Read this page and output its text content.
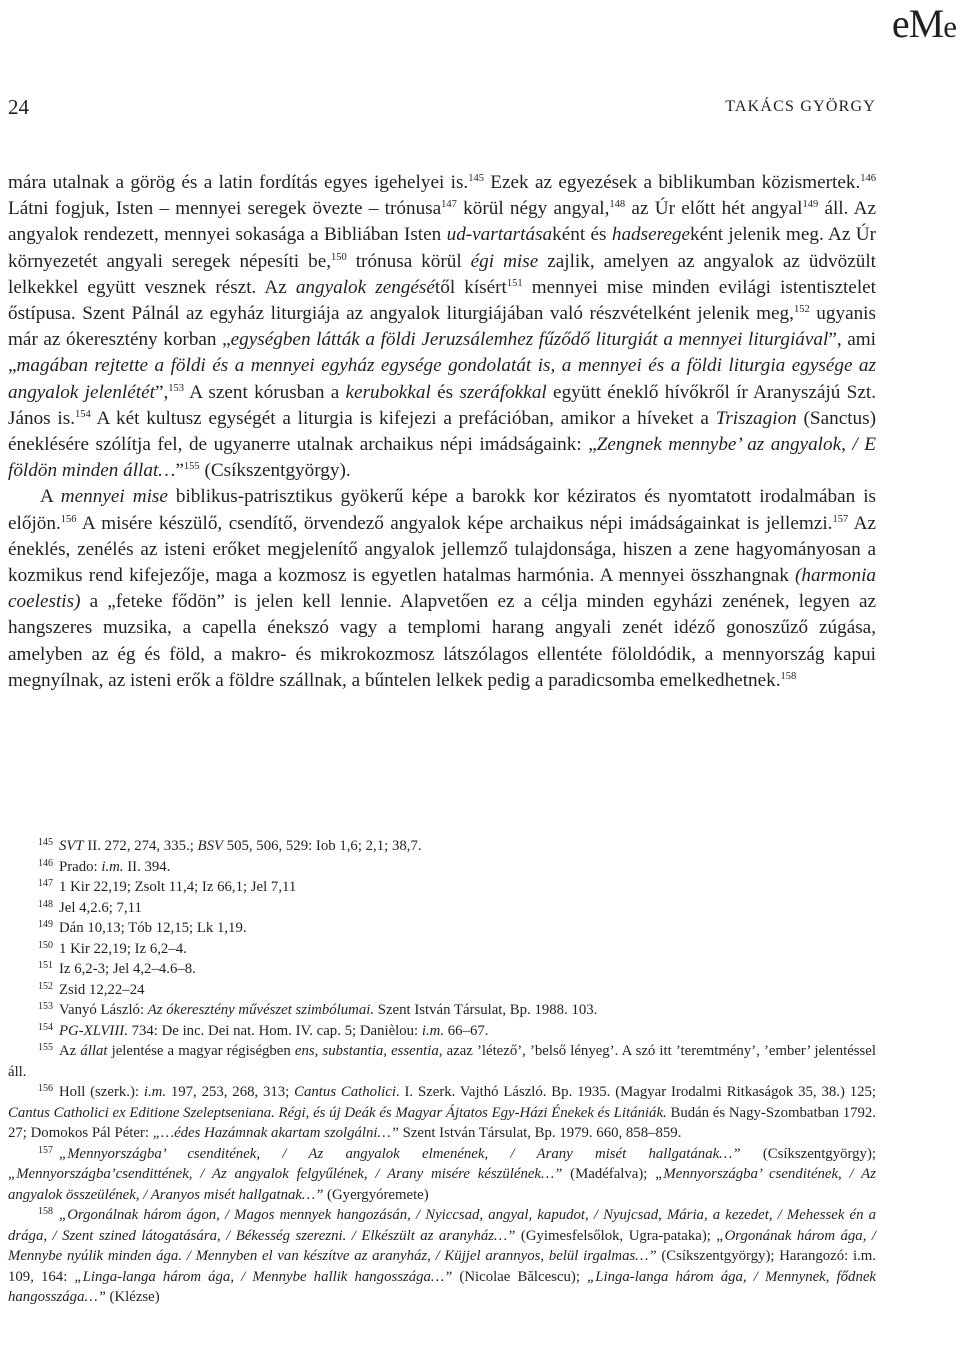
eMe
24	TAKÁCS GYÖRGY

mára utalnak a görög és a latin fordítás egyes igehelyei is.$^{145}$ Ezek az egyezések a biblikumban közismertek.$^{146}$ Látni fogjuk, Isten – mennyei seregek övezte – trónusa$^{147}$ körül négy angyal,$^{148}$ az Úr előtt hét angyal$^{149}$ áll. Az angyalok rendezett, mennyei sokasága a Bibliában Isten ud-vartartásaként és hadseregeként jelenik meg. Az Úr környezetét angyali seregek népesíti be,$^{150}$ trónusa körül égi mise zajlik, amelyen az angyalok az üdvözült lelkekkel együtt vesznek részt. Az angyalok zengésétől kísért$^{151}$ mennyei mise minden evilági istentisztelet őstípusa. Szent Pálnál az egyház liturgiája az angyalok liturgiájában való részvételként jelenik meg,$^{152}$ ugyanis már az ókeresztény korban „egységben látták a földi Jeruzsálemhez fűződő liturgiát a mennyei liturgiával”, ami „magában rejtette a földi és a mennyei egyház egysége gondolatát is, a mennyei és a földi liturgia egysége az angyalok jelenlétét”,$^{153}$ A szent kórusban a kerubokkal és szeráfokkal együtt éneklő hívőkről ír Aranyszájú Szt. János is.$^{154}$ A két kultusz egységét a liturgia is kifejezi a prefációban, amikor a híveket a Triszagion (Sanctus) éneklésére szólítja fel, de ugyanerre utalnak archaikus népi imádságaink: „Zengnek mennybe’ az angyalok, / E földön minden állat…”$^{155}$ (Csíkszentgyörgy).

A mennyei mise biblikus-patrisztikus gyökerű képe a barokk kor kéziratos és nyomtatott irodalmában is előjön.$^{156}$ A misére készülő, csendítő, örvendező angyalok képe archaikus népi imádságainkat is jellemzi.$^{157}$ Az éneklés, zenélés az isteni erőket megjelenítő angyalok jellemző tulajdonsága, hiszen a zene hagyományosan a kozmikus rend kifejezője, maga a kozmosz is egyetlen hatalmas harmónia. A mennyei összhangnak (harmonia coelestis) a „feteke fődön” is jelen kell lennie. Alapvetően ez a célja minden egyházi zenének, legyen az hangszeres muzsika, a capella énekszó vagy a templomi harang angyali zenét idéző gonoszűző zúgása, amelyben az ég és föld, a makro- és mikrokozmosz látszólagos ellentéte föloldódik, a mennyország kapui megnyílnak, az isteni erők a földre szállnak, a bűntelen lelkek pedig a paradicsomba emelkedhetnek.$^{158}$

$^{145}$ SVT II. 272, 274, 335.; BSV 505, 506, 529: Iob 1,6; 2,1; 38,7.

$^{146}$ Prado: i.m. II. 394.

$^{147}$ 1 Kir 22,19; Zsolt 11,4; Iz 66,1; Jel 7,11

$^{148}$ Jel 4,2.6; 7,11

$^{149}$ Dán 10,13; Tób 12,15; Lk 1,19.

$^{150}$ 1 Kir 22,19; Iz 6,2–4.

$^{151}$ Iz 6,2-3; Jel 4,2–4.6–8.

$^{152}$ Zsid 12,22–24

$^{153}$ Vanyó László: Az ókeresztény művészet szimbólumai. Szent István Társulat, Bp. 1988. 103.

$^{154}$ PG-XLVIII. 734: De inc. Dei nat. Hom. IV. cap. 5; Danièlou: i.m. 66–67.

$^{155}$ Az állat jelentése a magyar régiségben ens, substantia, essentia, azaz ’létező’, ’belső lényeg’. A szó itt ’teremtmény’, ’ember’ jelentéssel áll.

$^{156}$ Holl (szerk.): i.m. 197, 253, 268, 313; Cantus Catholici. I. Szerk. Vajthó László. Bp. 1935. (Magyar Irodalmi Ritkaságok 35, 38.) 125; Cantus Catholici ex Editione Szeleptseniana. Régi, és új Deák és Magyar Ájtatos Egy-Házi Énekek és Litániák. Budán és Nagy-Szombatban 1792. 27; Domokos Pál Péter: „…édes Hazámnak akartam szolgálni…” Szent István Társulat, Bp. 1979. 660, 858–859.

$^{157}$ „Mennyországba’ csenditének, / Az angyalok elmenének, / Arany misét hallgatának…” (Csíkszentgyörgy); „Mennyországba’csendittének, / Az angyalok felgyűlének, / Arany misére készülének…” (Madéfalva); „Mennyországba’ csenditének, / Az angyalok összeülének, / Aranyos misét hallgatnak…” (Gyergyóremete)

$^{158}$ „Orgonálnak három ágon, / Magos mennyek hangozásán, / Nyiccsad, angyal, kapudot, / Nyujcsad, Mária, a kezedet, / Mehessek én a drága, / Szent szined látogatására, / Békesség szerezni. / Elkészült az aranyház…” (Gyimesfelsőlok, Ugra-pataka); „Orgonának három ága, / Mennybe nyúlik minden ága. / Mennyben el van készítve az aranyház, / Küjjel arannyos, belül irgalmas…” (Csíkszentgyörgy); Harangozó: i.m. 109, 164: „Linga-langa három ága, / Mennybe hallik hangosszága…” (Nicolae Bălcescu); „Linga-langa három ága, / Mennynek, fődnek hangosszága…” (Klézse)
